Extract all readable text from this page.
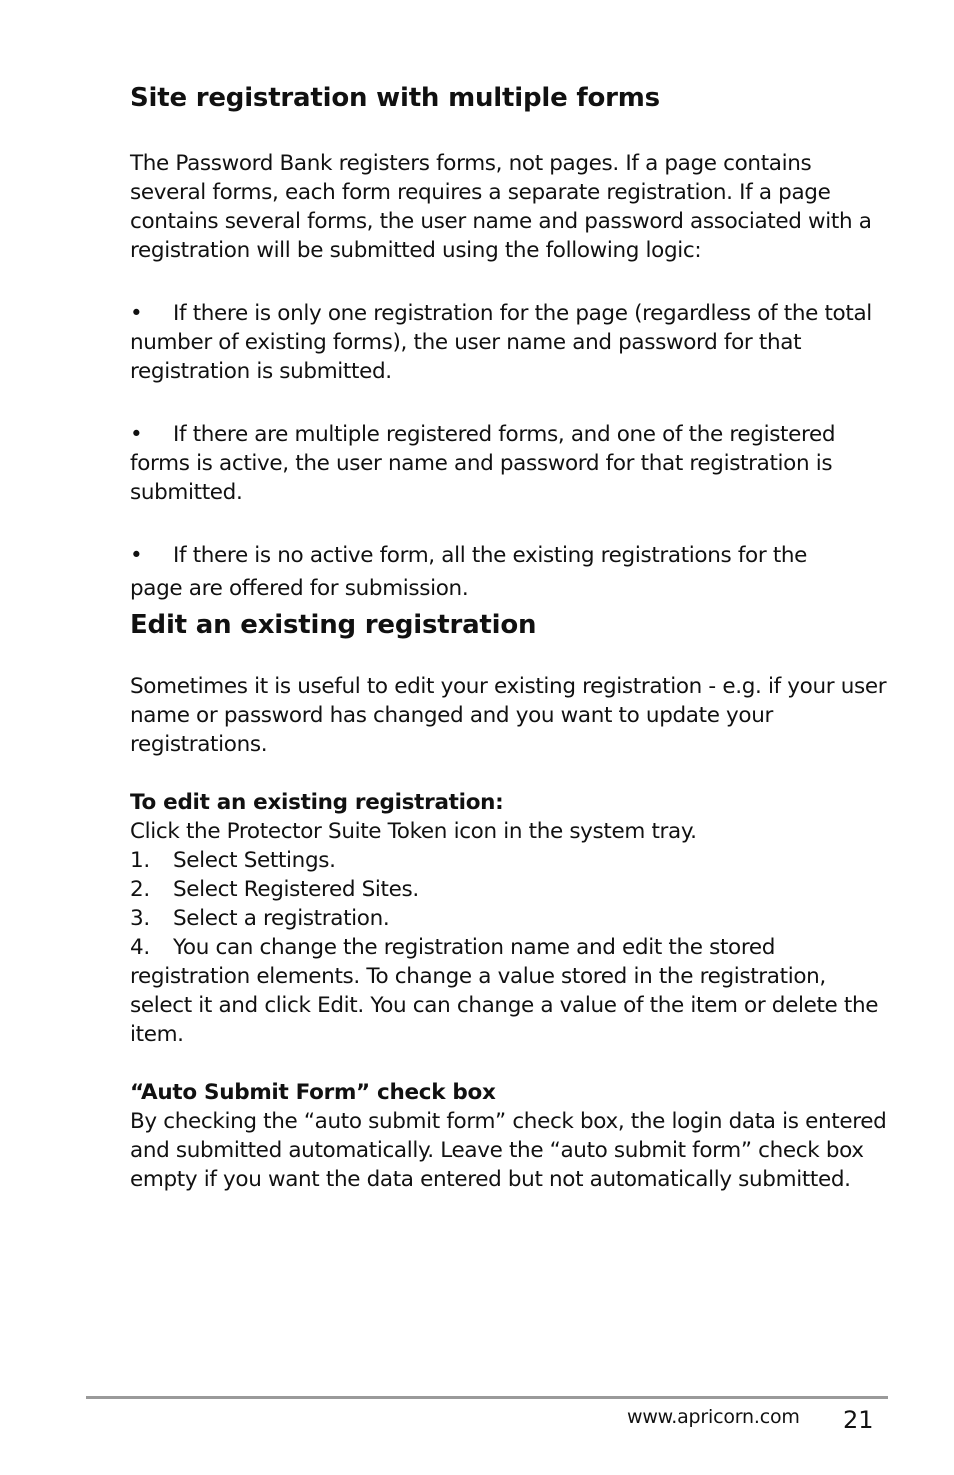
Site registration with multiple forms

The Password Bank registers forms, not pages. If a page contains several forms, each form requires a separate registration. If a page contains several forms, the user name and password associated with a registration will be submitted using the following logic:

• If there is only one registration for the page (regardless of the total number of existing forms), the user name and password for that registration is submitted.

• If there are multiple registered forms, and one of the registered forms is active, the user name and password for that registration is submitted.

• If there is no active form, all the existing registrations for the
page are offered for submission.

Edit an existing registration

Sometimes it is useful to edit your existing registration - e.g. if your user name or password has changed and you want to update your registrations.

To edit an existing registration:

Click the Protector Suite Token icon in the system tray.

1. Select Settings.

2. Select Registered Sites.

3. Select a registration.

4. You can change the registration name and edit the stored registration elements. To change a value stored in the registration, select it and click Edit. You can change a value of the item or delete the item.

“Auto Submit Form” check box

By checking the “auto submit form” check box, the login data is entered and submitted automatically. Leave the “auto submit form” check box empty if you want the data entered but not automatically submitted.

www.apricorn.com 21
